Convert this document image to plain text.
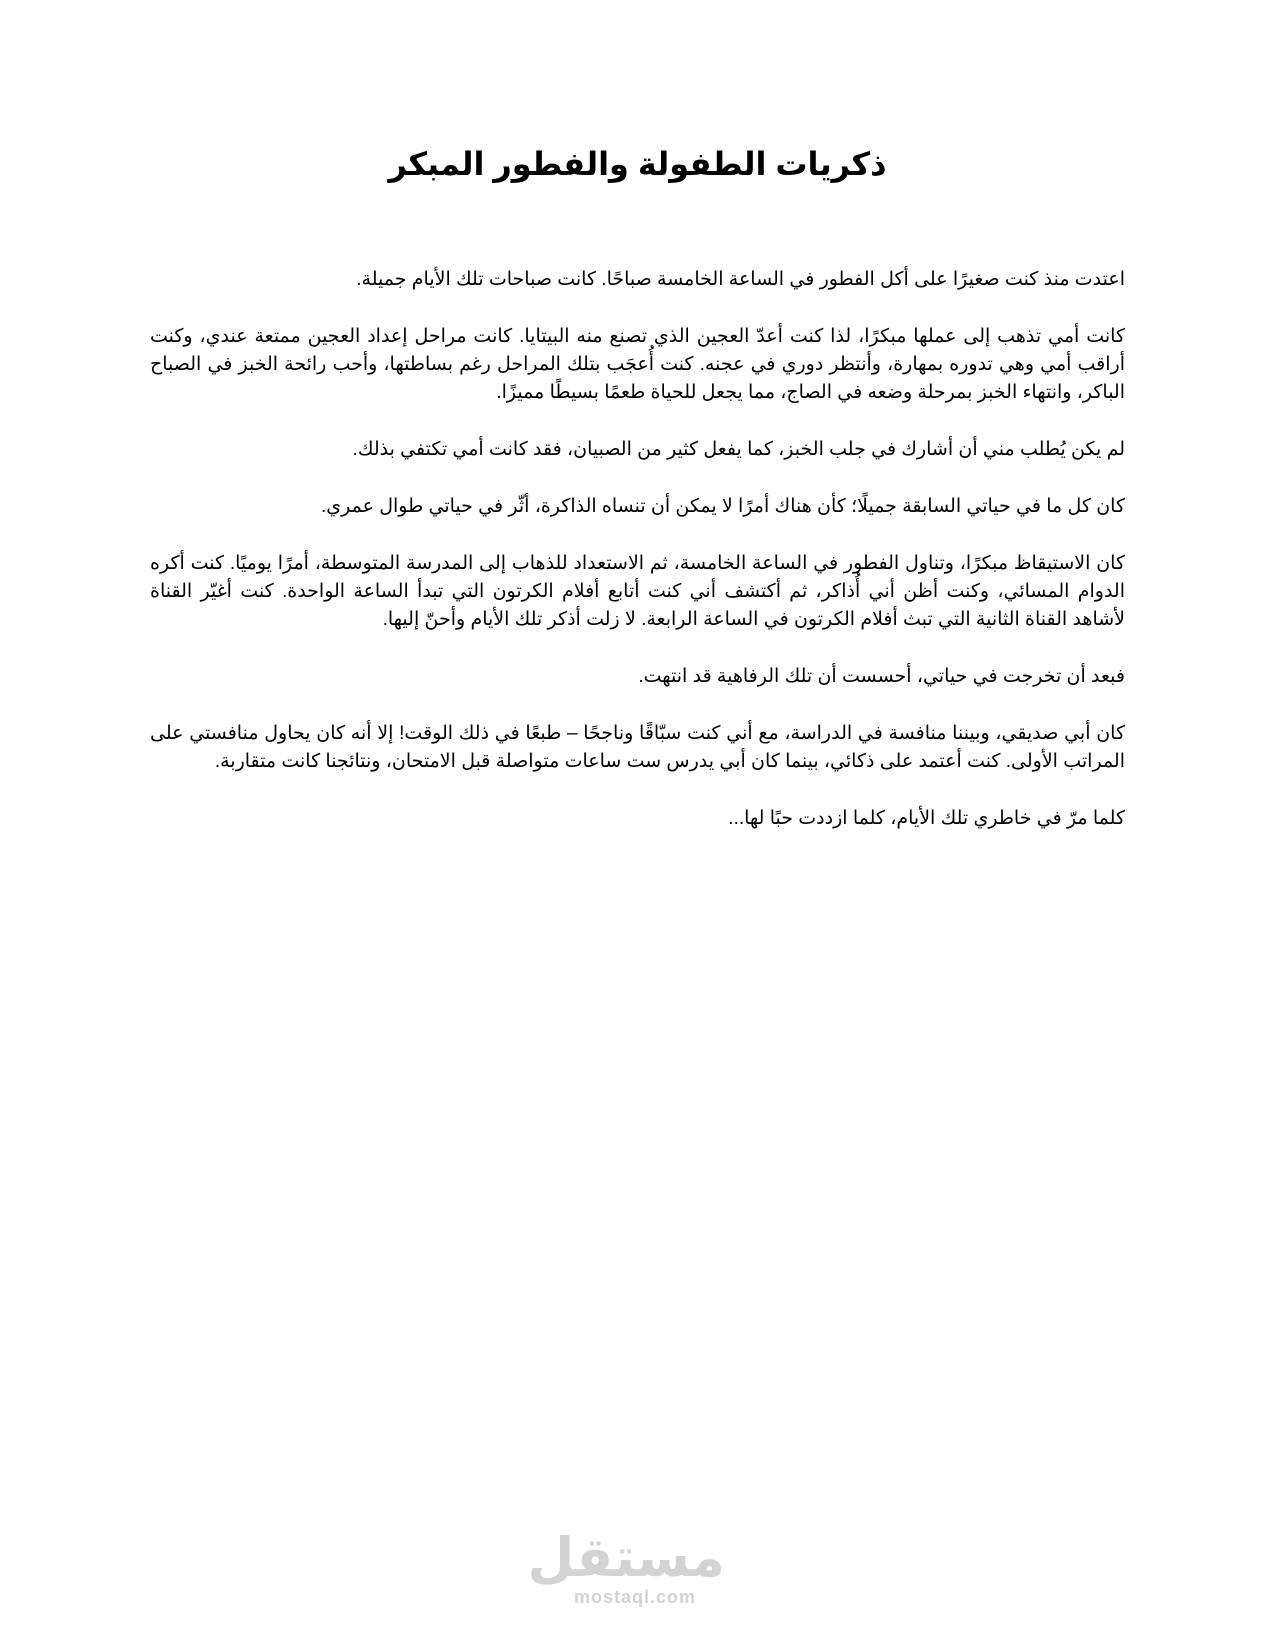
ذكريات الطفولة والفطور المبكر

اعتدت منذ كنت صغيرًا على أكل الفطور في الساعة الخامسة صباحًا. كانت صباحات تلك الأيام جميلة.

كانت أمي تذهب إلى عملها مبكرًا، لذا كنت أعدّ العجين الذي تصنع منه البيتايا. كانت مراحل إعداد العجين ممتعة عندي، وكنت أراقب أمي وهي تدوره بمهارة، وأنتظر دوري في عجنه. كنت أُعجَب بتلك المراحل رغم بساطتها، وأحب رائحة الخبز في الصباح الباكر، وانتهاء الخبز بمرحلة وضعه في الصاج، مما يجعل للحياة طعمًا بسيطًا مميزًا.

لم يكن يُطلب مني أن أشارك في جلب الخبز، كما يفعل كثير من الصبيان، فقد كانت أمي تكتفي بذلك.

كان كل ما في حياتي السابقة جميلًا؛ كأن هناك أمرًا لا يمكن أن تنساه الذاكرة، أثّر في حياتي طوال عمري.

كان الاستيقاظ مبكرًا، وتناول الفطور في الساعة الخامسة، ثم الاستعداد للذهاب إلى المدرسة المتوسطة، أمرًا يوميًا. كنت أكره الدوام المسائي، وكنت أظن أني أُذاكر، ثم أكتشف أني كنت أتابع أفلام الكرتون التي تبدأ الساعة الواحدة. كنت أغيّر القناة لأشاهد القناة الثانية التي تبث أفلام الكرتون في الساعة الرابعة. لا زلت أذكر تلك الأيام وأحنّ إليها.

فبعد أن تخرجت في حياتي، أحسست أن تلك الرفاهية قد انتهت.

كان أبي صديقي، وبيننا منافسة في الدراسة، مع أني كنت سبّاقًا وناجحًا – طبعًا في ذلك الوقت! إلا أنه كان يحاول منافستي على المراتب الأولى. كنت أعتمد على ذكائي، بينما كان أبي يدرس ست ساعات متواصلة قبل الامتحان، ونتائجنا كانت متقاربة.

كلما مرّ في خاطري تلك الأيام، كلما ازددت حبًا لها...

مستقل
mostaql.com
